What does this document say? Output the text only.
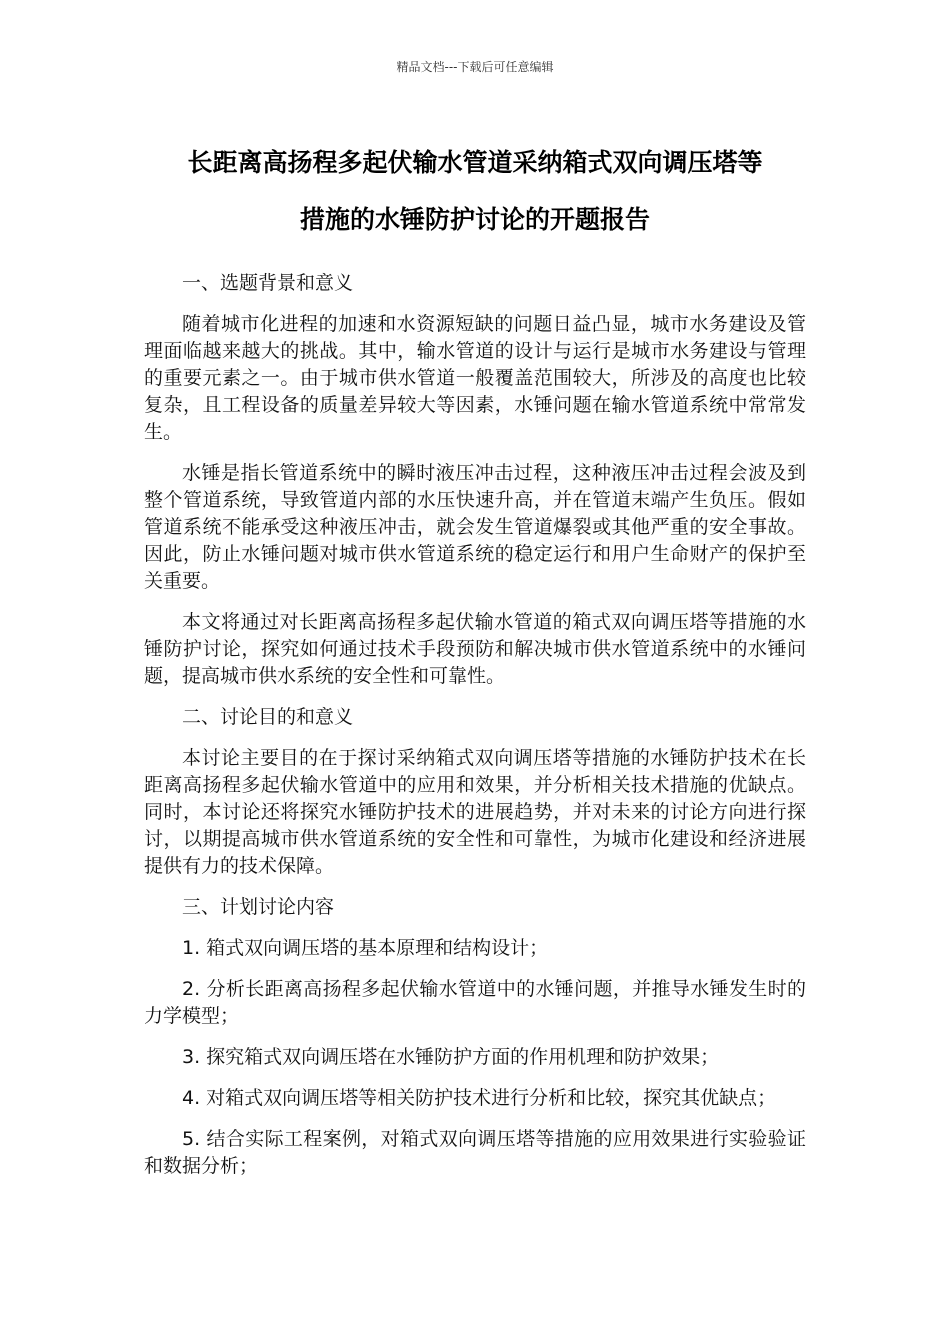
精品文档---下载后可任意编辑
长距离高扬程多起伏输水管道采纳箱式双向调压塔等
措施的水锤防护讨论的开题报告

一、选题背景和意义

随着城市化进程的加速和水资源短缺的问题日益凸显，城市水务建设及管理面临越来越大的挑战。其中，输水管道的设计与运行是城市水务建设与管理的重要元素之一。由于城市供水管道一般覆盖范围较大，所涉及的高度也比较复杂，且工程设备的质量差异较大等因素，水锤问题在输水管道系统中常常发生。

水锤是指长管道系统中的瞬时液压冲击过程，这种液压冲击过程会波及到整个管道系统，导致管道内部的水压快速升高，并在管道末端产生负压。假如管道系统不能承受这种液压冲击，就会发生管道爆裂或其他严重的安全事故。因此，防止水锤问题对城市供水管道系统的稳定运行和用户生命财产的保护至关重要。

本文将通过对长距离高扬程多起伏输水管道的箱式双向调压塔等措施的水锤防护讨论，探究如何通过技术手段预防和解决城市供水管道系统中的水锤问题，提高城市供水系统的安全性和可靠性。

二、讨论目的和意义

本讨论主要目的在于探讨采纳箱式双向调压塔等措施的水锤防护技术在长距离高扬程多起伏输水管道中的应用和效果，并分析相关技术措施的优缺点。同时，本讨论还将探究水锤防护技术的进展趋势，并对未来的讨论方向进行探讨，以期提高城市供水管道系统的安全性和可靠性，为城市化建设和经济进展提供有力的技术保障。

三、计划讨论内容

1. 箱式双向调压塔的基本原理和结构设计；

2. 分析长距离高扬程多起伏输水管道中的水锤问题，并推导水锤发生时的力学模型；

3. 探究箱式双向调压塔在水锤防护方面的作用机理和防护效果；

4. 对箱式双向调压塔等相关防护技术进行分析和比较，探究其优缺点；

5. 结合实际工程案例，对箱式双向调压塔等措施的应用效果进行实验验证和数据分析；
